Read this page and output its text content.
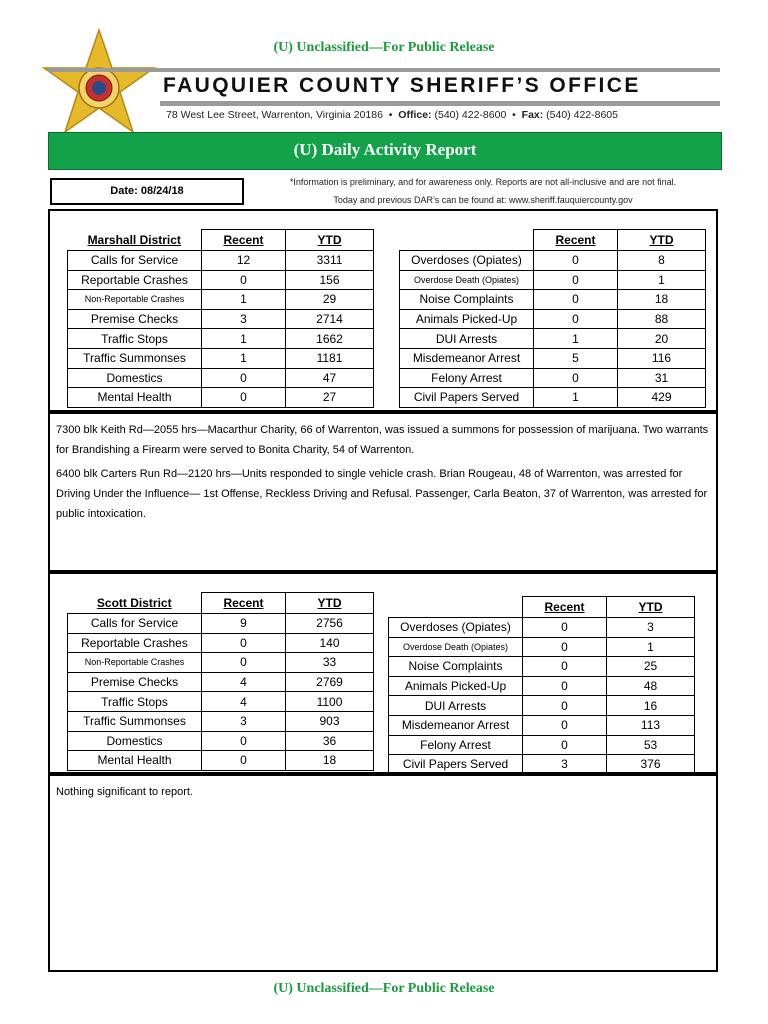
(U) Unclassified—For Public Release
FAUQUIER COUNTY SHERIFF’S OFFICE
78 West Lee Street, Warrenton, Virginia 20186  •  Office: (540) 422-8600  •  Fax: (540) 422-8605
(U) Daily Activity Report
Date: 08/24/18
*Information is preliminary, and for awareness only. Reports are not all-inclusive and are not final.
Today and previous DAR’s can be found at: www.sheriff.fauquiercounty.gov
Marshall District	Recent	YTD
Calls for Service	12	3311
Reportable Crashes	0	156
Non-Reportable Crashes	1	29
Premise Checks	3	2714
Traffic Stops	1	1662
Traffic Summonses	1	1181
Domestics	0	47
Mental Health	0	27
	Recent	YTD
Overdoses (Opiates)	0	8
Overdose Death (Opiates)	0	1
Noise Complaints	0	18
Animals Picked-Up	0	88
DUI Arrests	1	20
Misdemeanor Arrest	5	116
Felony Arrest	0	31
Civil Papers Served	1	429

7300 blk Keith Rd—2055 hrs—Macarthur Charity, 66 of Warrenton, was issued a summons for possession of marijuana. Two warrants for Brandishing a Firearm were served to Bonita Charity, 54 of Warrenton.

6400 blk Carters Run Rd—2120 hrs—Units responded to single vehicle crash. Brian Rougeau, 48 of Warrenton, was arrested for Driving Under the Influence— 1st Offense, Reckless Driving and Refusal. Passenger, Carla Beaton, 37 of Warrenton, was arrested for public intoxication.

Scott District	Recent	YTD
Calls for Service	9	2756
Reportable Crashes	0	140
Non-Reportable Crashes	0	33
Premise Checks	4	2769
Traffic Stops	4	1100
Traffic Summonses	3	903
Domestics	0	36
Mental Health	0	18
	Recent	YTD
Overdoses (Opiates)	0	3
Overdose Death (Opiates)	0	1
Noise Complaints	0	25
Animals Picked-Up	0	48
DUI Arrests	0	16
Misdemeanor Arrest	0	113
Felony Arrest	0	53
Civil Papers Served	3	376

Nothing significant to report.

(U) Unclassified—For Public Release
